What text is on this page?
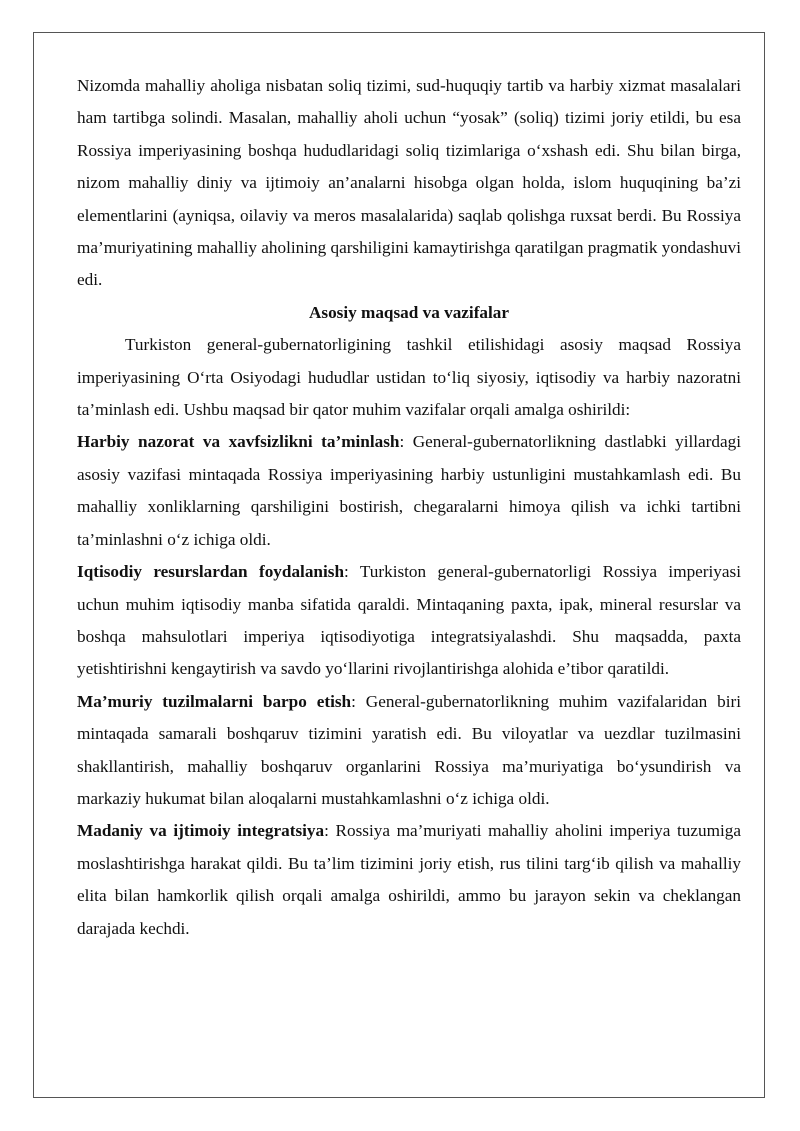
Nizomda mahalliy aholiga nisbatan soliq tizimi, sud-huquqiy tartib va harbiy xizmat masalalari ham tartibga solindi. Masalan, mahalliy aholi uchun “yosak” (soliq) tizimi joriy etildi, bu esa Rossiya imperiyasining boshqa hududlaridagi soliq tizimlariga o‘xshash edi. Shu bilan birga, nizom mahalliy diniy va ijtimoiy an’analarni hisobga olgan holda, islom huquqining ba’zi elementlarini (ayniqsa, oilaviy va meros masalalarida) saqlab qolishga ruxsat berdi. Bu Rossiya ma’muriyatining mahalliy aholining qarshiligini kamaytirishga qaratilgan pragmatik yondashuvi edi.

Asosiy maqsad va vazifalar

Turkiston general-gubernatorligining tashkil etilishidagi asosiy maqsad Rossiya imperiyasining O‘rta Osiyodagi hududlar ustidan to‘liq siyosiy, iqtisodiy va harbiy nazoratni ta’minlash edi. Ushbu maqsad bir qator muhim vazifalar orqali amalga oshirildi:

Harbiy nazorat va xavfsizlikni ta’minlash: General-gubernatorlikning dastlabki yillardagi asosiy vazifasi mintaqada Rossiya imperiyasining harbiy ustunligini mustahkamlash edi. Bu mahalliy xonliklarning qarshiligini bostirish, chegaralarni himoya qilish va ichki tartibni ta’minlashni o‘z ichiga oldi.

Iqtisodiy resurslardan foydalanish: Turkiston general-gubernatorligi Rossiya imperiyasi uchun muhim iqtisodiy manba sifatida qaraldi. Mintaqaning paxta, ipak, mineral resurslar va boshqa mahsulotlari imperiya iqtisodiyotiga integratsiyalashdi. Shu maqsadda, paxta yetishtirishni kengaytirish va savdo yo‘llarini rivojlantirishga alohida e’tibor qaratildi.

Ma’muriy tuzilmalarni barpo etish: General-gubernatorlikning muhim vazifalaridan biri mintaqada samarali boshqaruv tizimini yaratish edi. Bu viloyatlar va uezdlar tuzilmasini shakllantirish, mahalliy boshqaruv organlarini Rossiya ma’muriyatiga bo‘ysundirish va markaziy hukumat bilan aloqalarni mustahkamlashni o‘z ichiga oldi.

Madaniy va ijtimoiy integratsiya: Rossiya ma’muriyati mahalliy aholini imperiya tuzumiga moslashtirishga harakat qildi. Bu ta’lim tizimini joriy etish, rus tilini targ‘ib qilish va mahalliy elita bilan hamkorlik qilish orqali amalga oshirildi, ammo bu jarayon sekin va cheklangan darajada kechdi.
